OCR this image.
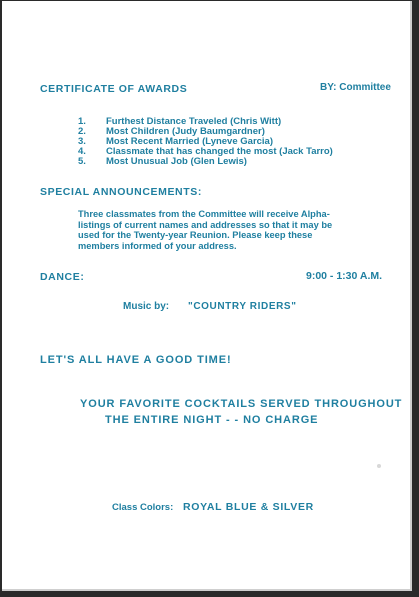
CERTIFICATE OF AWARDS	BY: Committee
1. Furthest Distance Traveled (Chris Witt)
2. Most Children (Judy Baumgardner)
3. Most Recent Married (Lyneve Garcia)
4. Classmate that has changed the most (Jack Tarro)
5. Most Unusual Job (Glen Lewis)
SPECIAL ANNOUNCEMENTS:
Three classmates from the Committee will receive Alpha-
listings of current names and addresses so that it may be
used for the Twenty-year Reunion. Please keep these
members informed of your address.
DANCE:	9:00 - 1:30 A.M.
Music by: "COUNTRY RIDERS"
LET'S ALL HAVE A GOOD TIME!
YOUR FAVORITE COCKTAILS SERVED THROUGHOUT
THE ENTIRE NIGHT - - NO CHARGE
Class Colors: ROYAL BLUE & SILVER
